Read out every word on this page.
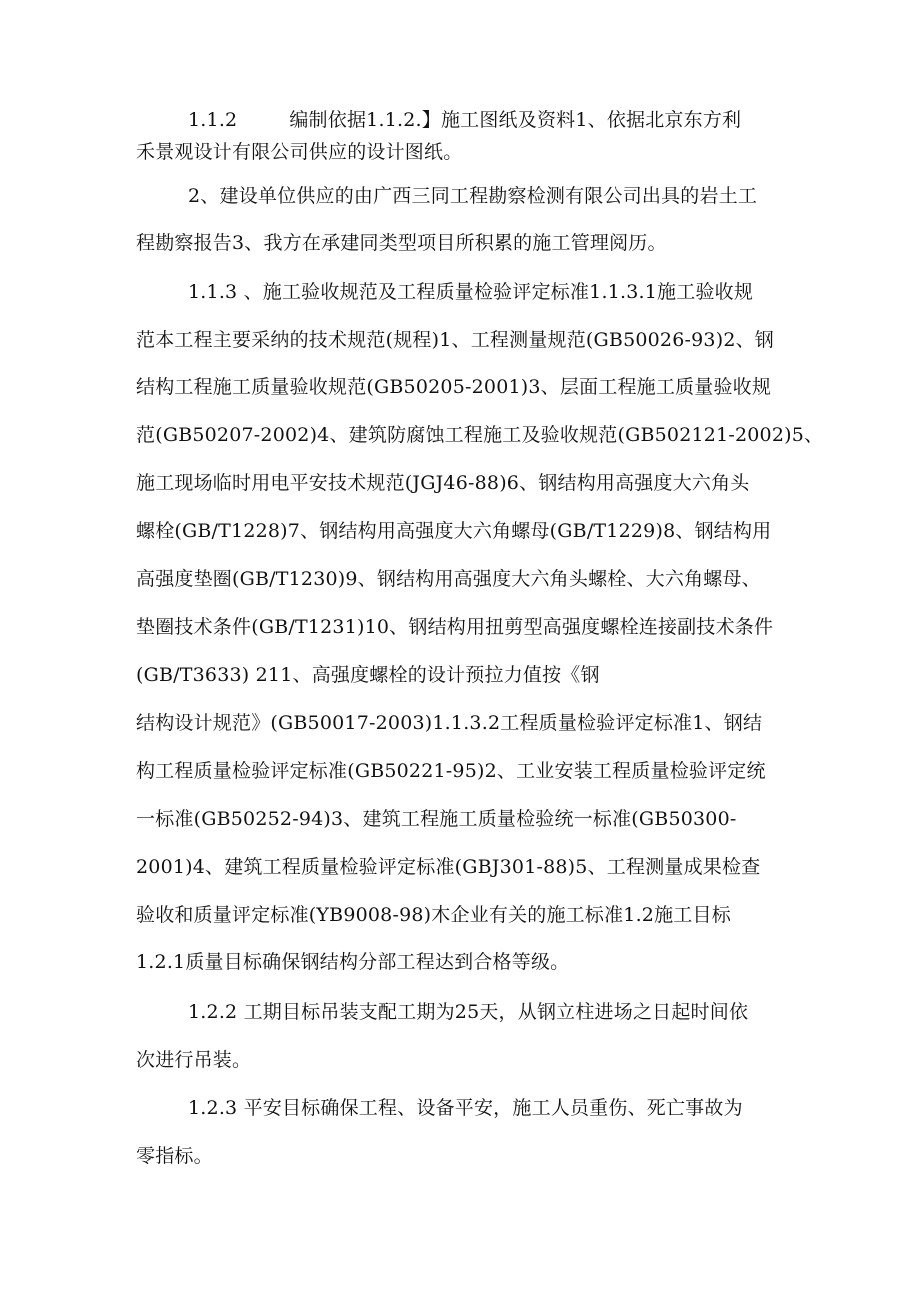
1.1.2	编制依据1.1.2.】施工图纸及资料1、依据北京东方利
禾景观设计有限公司供应的设计图纸。
2、建设单位供应的由广西三同工程勘察检测有限公司出具的岩土工
程勘察报告3、我方在承建同类型项目所积累的施工管理阅历。
1.1.3 、施工验收规范及工程质量检验评定标准1.1.3.1施工验收规
范本工程主要采纳的技术规范(规程)1、工程测量规范(GB50026-93)2、钢
结构工程施工质量验收规范(GB50205-2001)3、层面工程施工质量验收规
范(GB50207-2002)4、建筑防腐蚀工程施工及验收规范(GB502121-2002)5、
施工现场临时用电平安技术规范(JGJ46-88)6、钢结构用高强度大六角头
螺栓(GB/T1228)7、钢结构用高强度大六角螺母(GB/T1229)8、钢结构用
高强度垫圈(GB/T1230)9、钢结构用高强度大六角头螺栓、大六角螺母、
垫圈技术条件(GB/T1231)10、钢结构用扭剪型高强度螺栓连接副技术条件
(GB/T3633) 211、高强度螺栓的设计预拉力值按《钢
结构设计规范》(GB50017-2003)1.1.3.2工程质量检验评定标准1、钢结
构工程质量检验评定标准(GB50221-95)2、工业安装工程质量检验评定统
一标准(GB50252-94)3、建筑工程施工质量检验统一标准(GB50300-
2001)4、建筑工程质量检验评定标准(GBJ301-88)5、工程测量成果检查
验收和质量评定标准(YB9008-98)木企业有关的施工标准1.2施工目标
1.2.1质量目标确保钢结构分部工程达到合格等级。
1.2.2 工期目标吊装支配工期为25天，从钢立柱进场之日起时间依
次进行吊装。
1.2.3 平安目标确保工程、设备平安，施工人员重伤、死亡事故为
零指标。
